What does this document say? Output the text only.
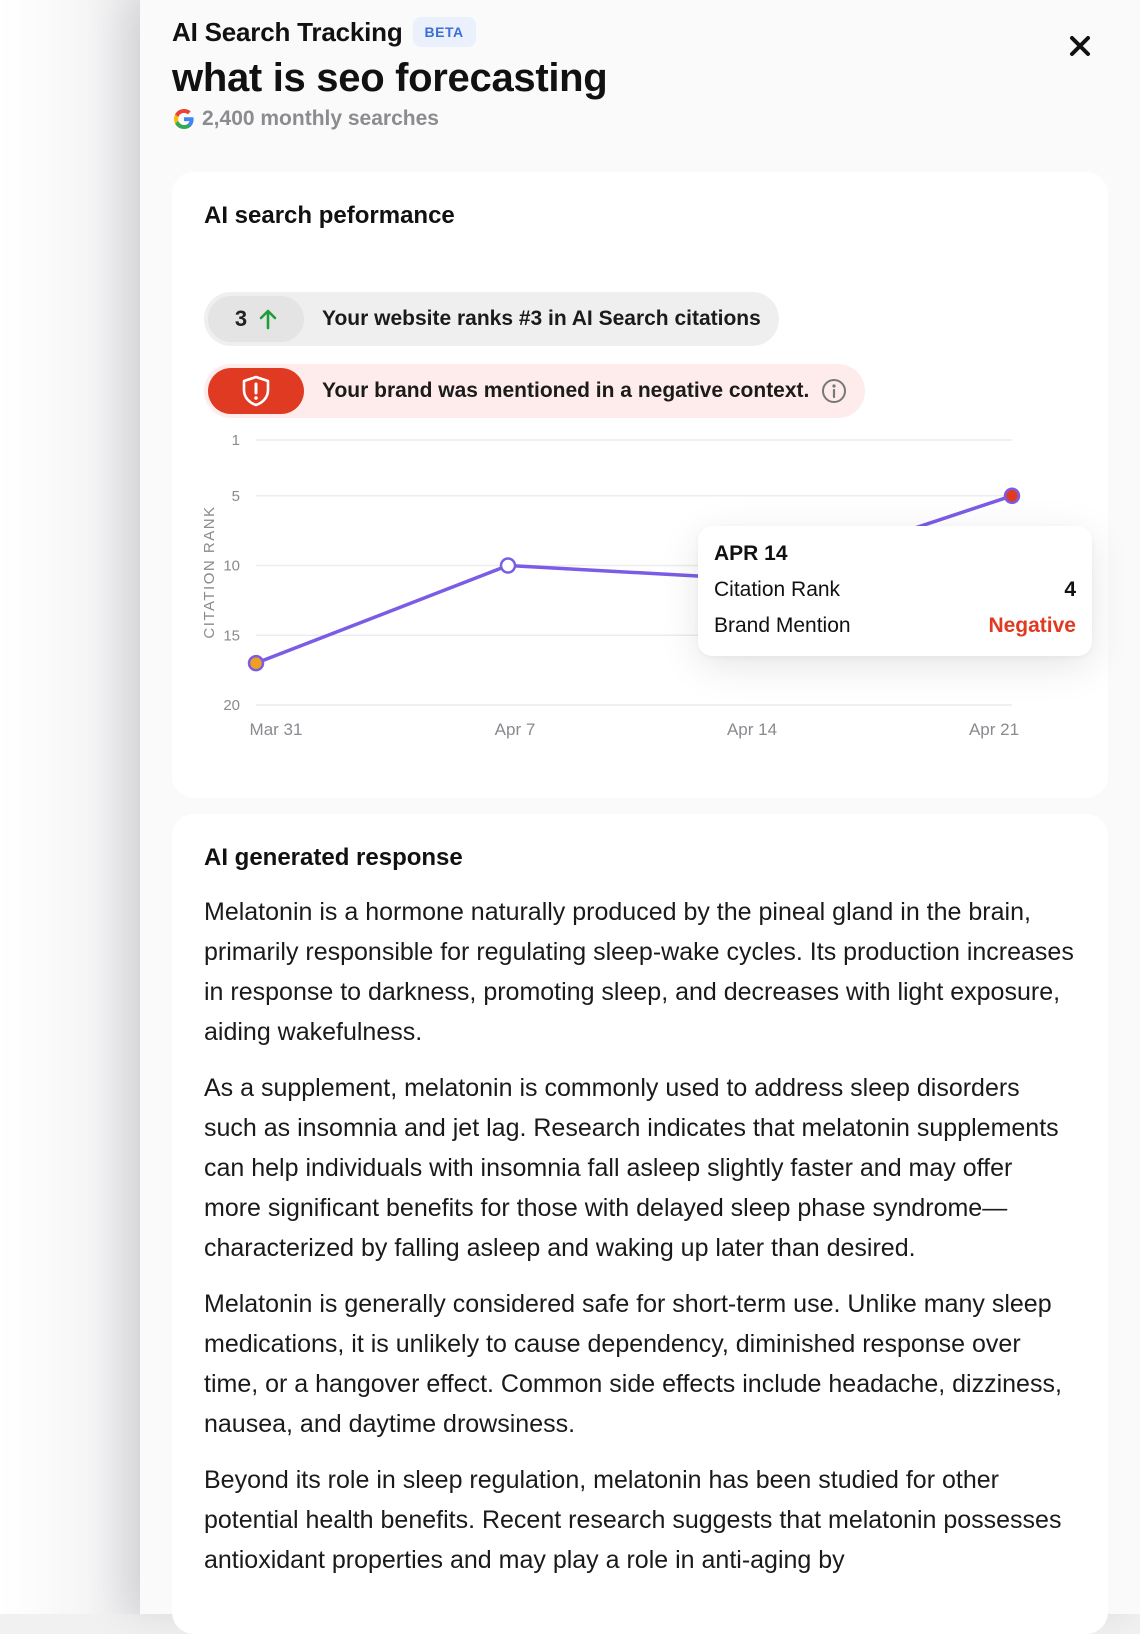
AI Search Tracking	BETA
what is seo forecasting
2,400 monthly searches
AI search peformance
3	Your website ranks #3 in AI Search citations
Your brand was mentioned in a negative context.
1
5
10
15
20
CITATION RANK
Mar 31	Apr 7	Apr 14	Apr 21
APR 14
Citation Rank	4
Brand Mention	Negative
AI generated response

Melatonin is a hormone naturally produced by the pineal gland in the brain, primarily responsible for regulating sleep-wake cycles. Its production increases in response to darkness, promoting sleep, and decreases with light exposure, aiding wakefulness.

As a supplement, melatonin is commonly used to address sleep disorders such as insomnia and jet lag. Research indicates that melatonin supplements can help individuals with insomnia fall asleep slightly faster and may offer more significant benefits for those with delayed sleep phase syndrome—characterized by falling asleep and waking up later than desired.

Melatonin is generally considered safe for short-term use. Unlike many sleep medications, it is unlikely to cause dependency, diminished response over time, or a hangover effect. Common side effects include headache, dizziness, nausea, and daytime drowsiness.

Beyond its role in sleep regulation, melatonin has been studied for other potential health benefits. Recent research suggests that melatonin possesses antioxidant properties and may play a role in anti-aging by
